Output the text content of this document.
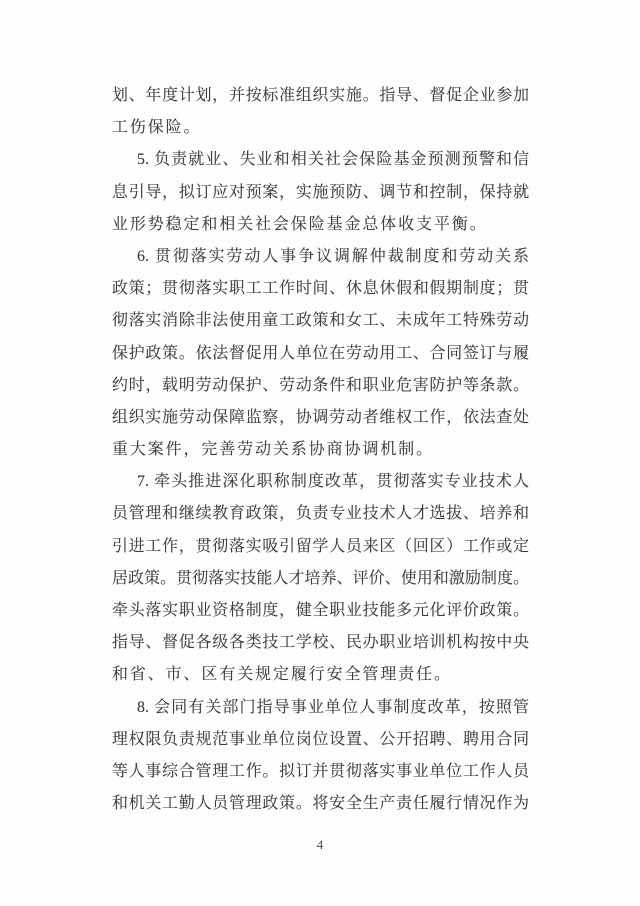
划、年度计划，并按标准组织实施。指导、督促企业参加
工伤保险。
5. 负责就业、失业和相关社会保险基金预测预警和信
息引导，拟订应对预案，实施预防、调节和控制，保持就
业形势稳定和相关社会保险基金总体收支平衡。
6. 贯彻落实劳动人事争议调解仲裁制度和劳动关系
政策；贯彻落实职工工作时间、休息休假和假期制度；贯
彻落实消除非法使用童工政策和女工、未成年工特殊劳动
保护政策。依法督促用人单位在劳动用工、合同签订与履
约时，载明劳动保护、劳动条件和职业危害防护等条款。
组织实施劳动保障监察，协调劳动者维权工作，依法查处
重大案件，完善劳动关系协商协调机制。
7. 牵头推进深化职称制度改革，贯彻落实专业技术人
员管理和继续教育政策，负责专业技术人才选拔、培养和
引进工作，贯彻落实吸引留学人员来区（回区）工作或定
居政策。贯彻落实技能人才培养、评价、使用和激励制度。
牵头落实职业资格制度，健全职业技能多元化评价政策。
指导、督促各级各类技工学校、民办职业培训机构按中央
和省、市、区有关规定履行安全管理责任。
8. 会同有关部门指导事业单位人事制度改革，按照管
理权限负责规范事业单位岗位设置、公开招聘、聘用合同
等人事综合管理工作。拟订并贯彻落实事业单位工作人员
和机关工勤人员管理政策。将安全生产责任履行情况作为
4
